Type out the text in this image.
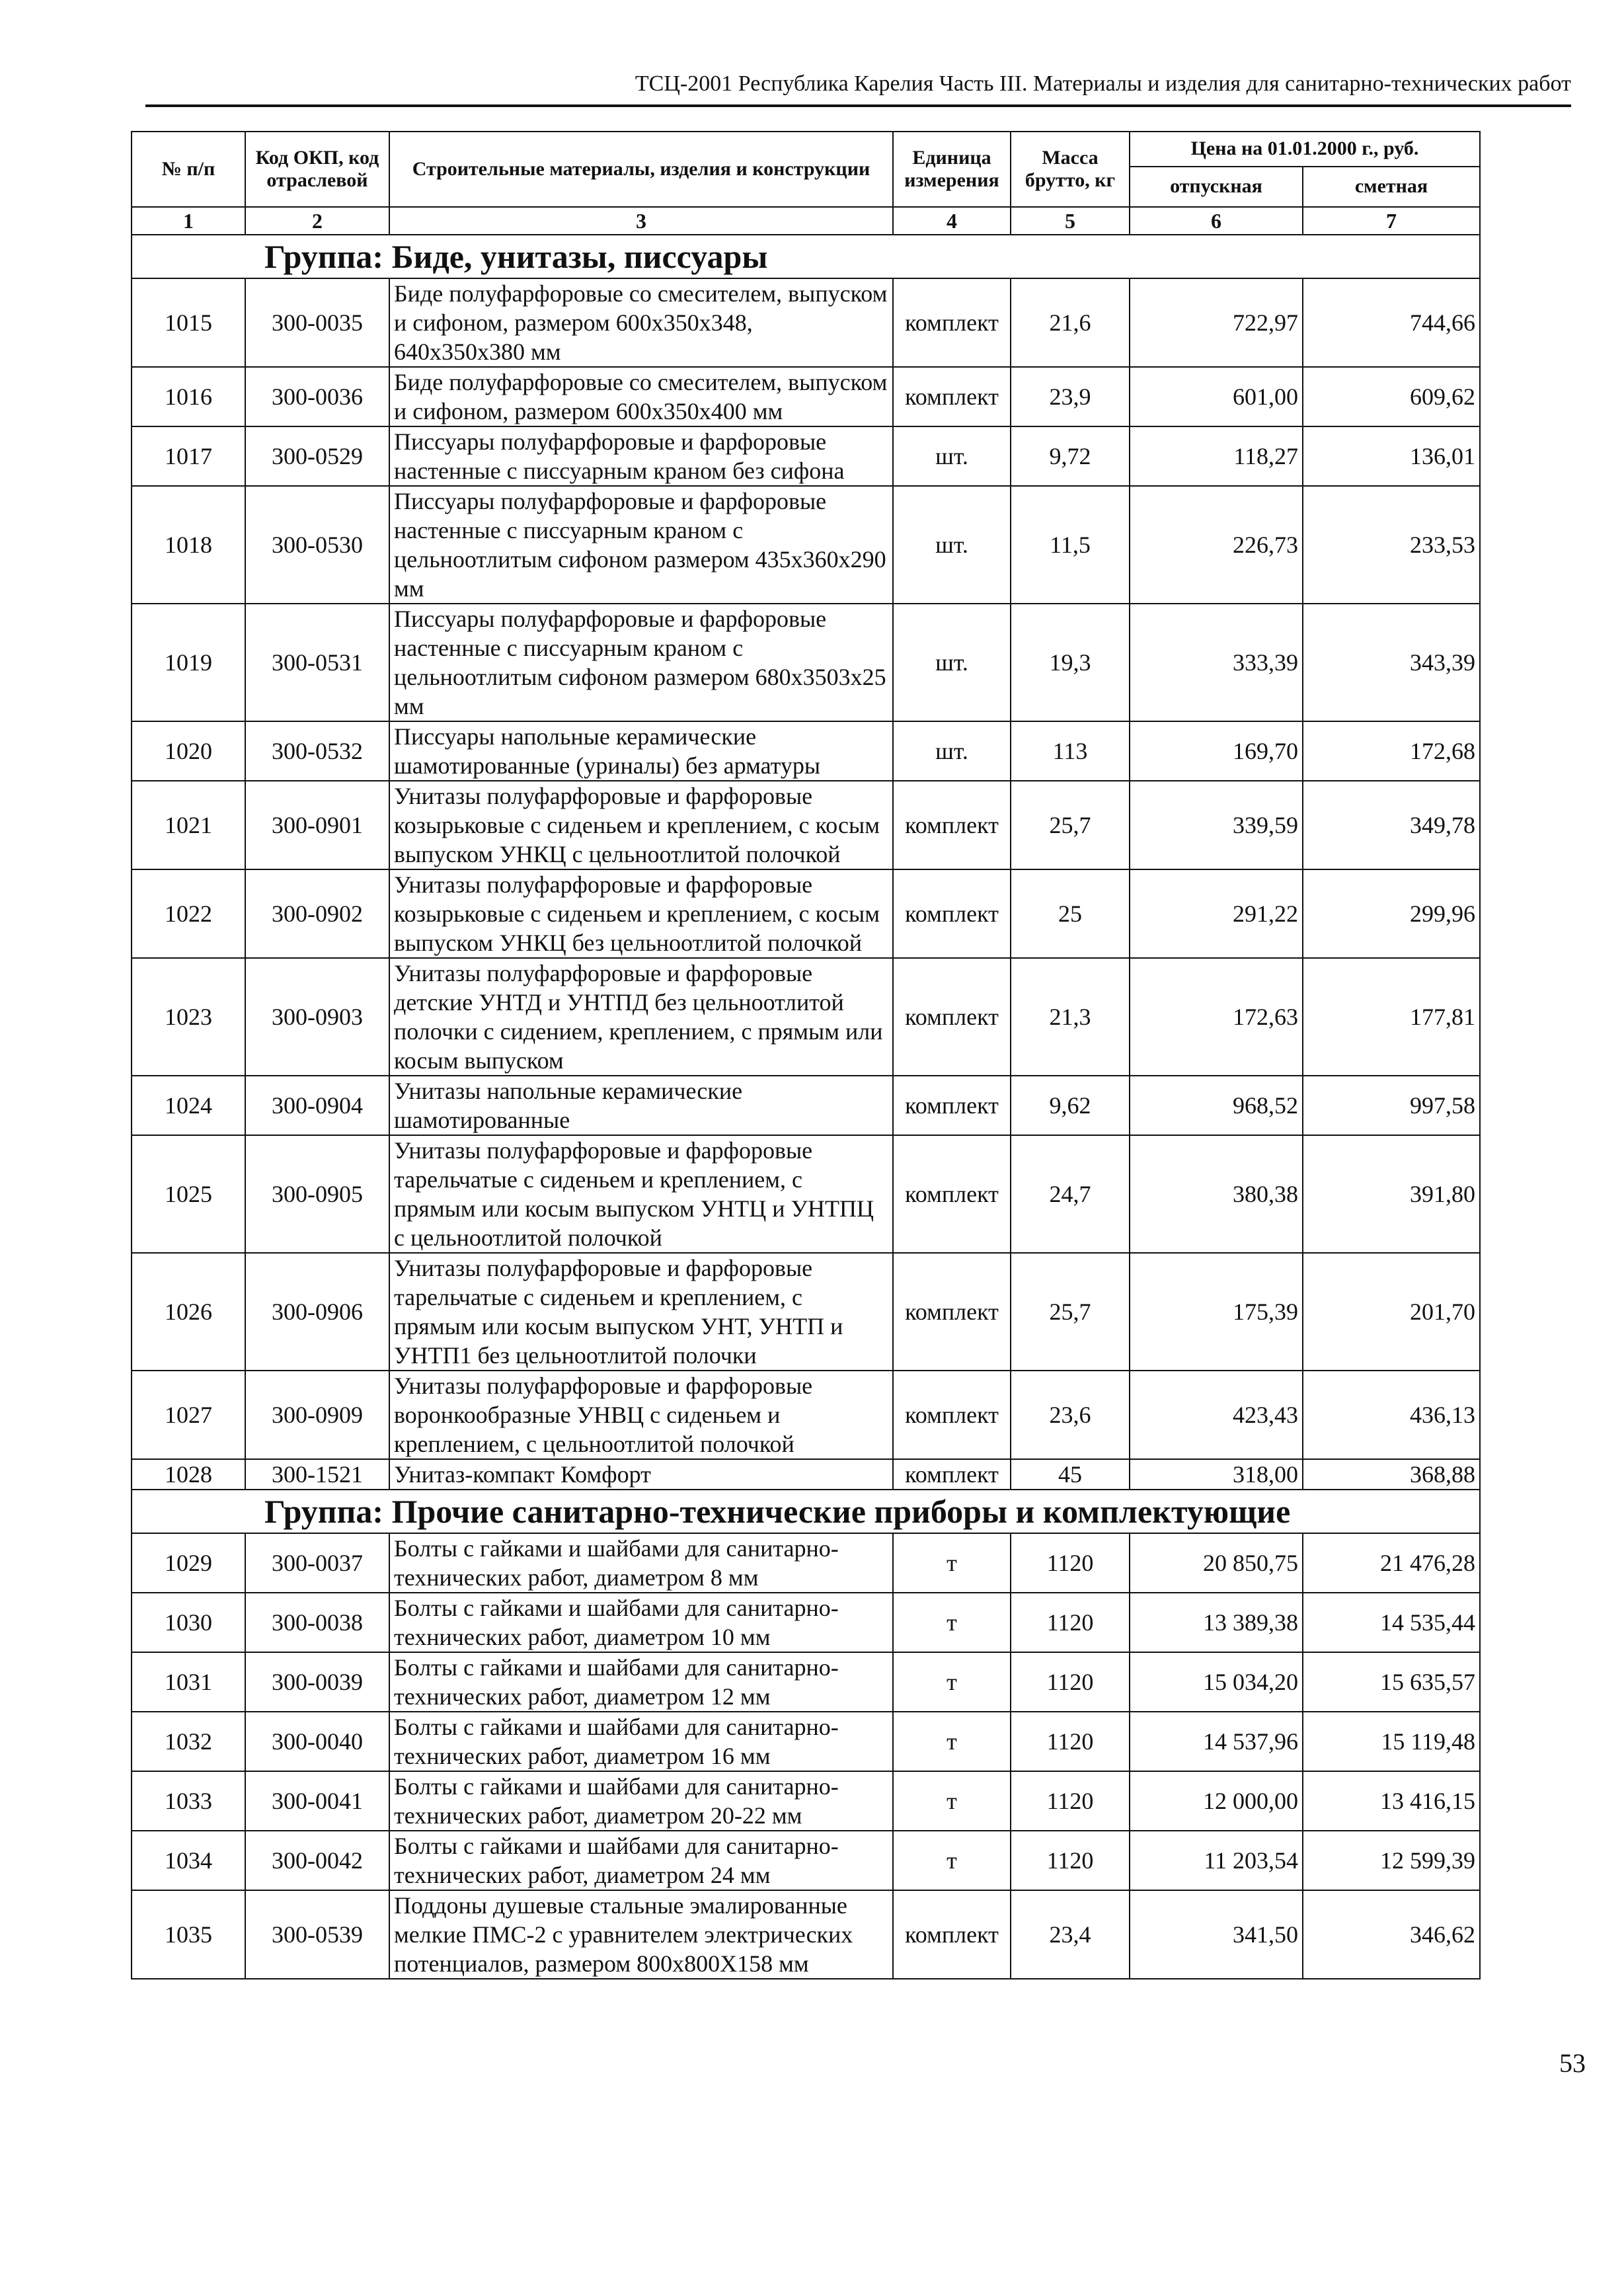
ТСЦ-2001 Республика Карелия Часть III. Материалы и изделия для санитарно-технических работ
№ п/п	Код ОКП, код отраслевой	Строительные материалы, изделия и конструкции	Единица измерения	Масса брутто, кг	Цена на 01.01.2000 г., руб.	
					отпускная	сметная
1	2	3	4	5	6	7
Группа: Биде, унитазы, писсуары						
1015	300-0035	Биде полуфарфоровые со смесителем, выпуском и сифоном, размером 600x350x348, 640x350x380 мм	комплект	21,6	722,97	744,66
1016	300-0036	Биде полуфарфоровые со смесителем, выпуском и сифоном, размером 600x350x400 мм	комплект	23,9	601,00	609,62
1017	300-0529	Писсуары полуфарфоровые и фарфоровые настенные с писсуарным краном без сифона	шт.	9,72	118,27	136,01
1018	300-0530	Писсуары полуфарфоровые и фарфоровые настенные с писсуарным краном с цельноотлитым сифоном размером 435x360x290 мм	шт.	11,5	226,73	233,53
1019	300-0531	Писсуары полуфарфоровые и фарфоровые настенные с писсуарным краном с цельноотлитым сифоном размером 680x3503x25 мм	шт.	19,3	333,39	343,39
1020	300-0532	Писсуары напольные керамические шамотированные (уриналы) без арматуры	шт.	113	169,70	172,68
1021	300-0901	Унитазы полуфарфоровые и фарфоровые козырьковые с сиденьем и креплением, с косым выпуском УНКЦ с цельноотлитой полочкой	комплект	25,7	339,59	349,78
1022	300-0902	Унитазы полуфарфоровые и фарфоровые козырьковые с сиденьем и креплением, с косым выпуском УНКЦ без цельноотлитой полочкой	комплект	25	291,22	299,96
1023	300-0903	Унитазы полуфарфоровые и фарфоровые детские УНТД и УНТПД без цельноотлитой полочки с сидением, креплением, с прямым или косым выпуском	комплект	21,3	172,63	177,81
1024	300-0904	Унитазы напольные керамические шамотированные	комплект	9,62	968,52	997,58
1025	300-0905	Унитазы полуфарфоровые и фарфоровые тарельчатые с сиденьем и креплением, с прямым или косым выпуском УНТЦ и УНТПЦ с цельноотлитой полочкой	комплект	24,7	380,38	391,80
1026	300-0906	Унитазы полуфарфоровые и фарфоровые тарельчатые с сиденьем и креплением, с прямым или косым выпуском УНТ, УНТП и УНТП1 без цельноотлитой полочки	комплект	25,7	175,39	201,70
1027	300-0909	Унитазы полуфарфоровые и фарфоровые воронкообразные УНВЦ с сиденьем и креплением, с цельноотлитой полочкой	комплект	23,6	423,43	436,13
1028	300-1521	Унитаз-компакт Комфорт	комплект	45	318,00	368,88
Группа: Прочие санитарно-технические приборы и комплектующие						
1029	300-0037	Болты с гайками и шайбами для санитарно-технических работ, диаметром 8 мм	т	1120	20 850,75	21 476,28
1030	300-0038	Болты с гайками и шайбами для санитарно-технических работ, диаметром 10 мм	т	1120	13 389,38	14 535,44
1031	300-0039	Болты с гайками и шайбами для санитарно-технических работ, диаметром 12 мм	т	1120	15 034,20	15 635,57
1032	300-0040	Болты с гайками и шайбами для санитарно-технических работ, диаметром 16 мм	т	1120	14 537,96	15 119,48
1033	300-0041	Болты с гайками и шайбами для санитарно-технических работ, диаметром 20-22 мм	т	1120	12 000,00	13 416,15
1034	300-0042	Болты с гайками и шайбами для санитарно-технических работ, диаметром 24 мм	т	1120	11 203,54	12 599,39
1035	300-0539	Поддоны душевые стальные эмалированные мелкие ПМС-2 с уравнителем электрических потенциалов, размером 800x800X158 мм	комплект	23,4	341,50	346,62
53
